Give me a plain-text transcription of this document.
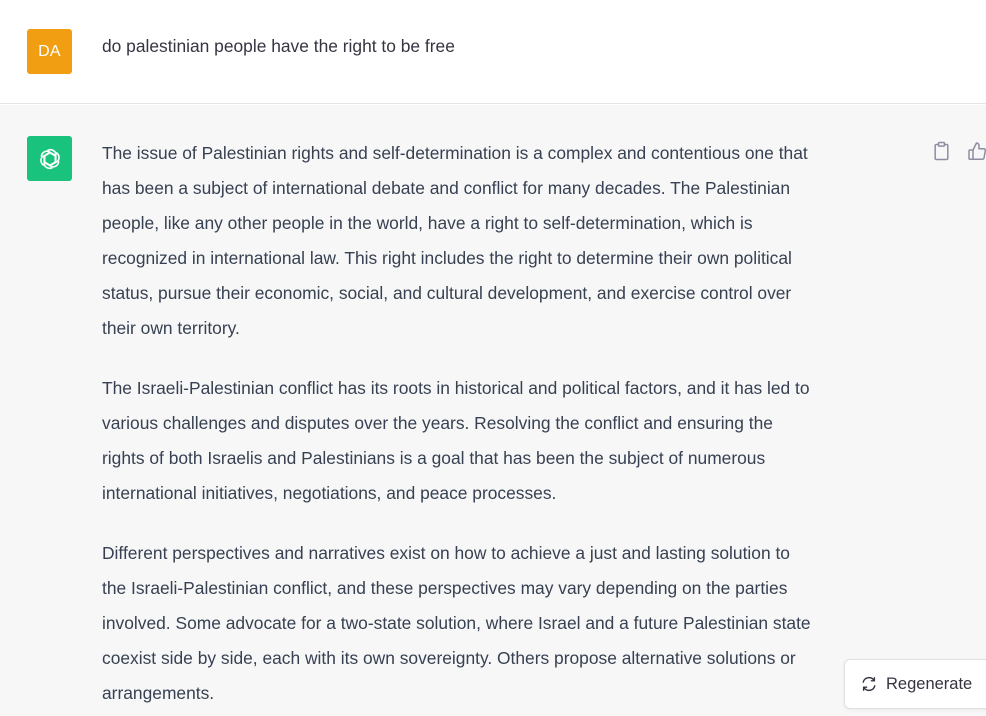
DA	do palestinian people have the right to be free

The issue of Palestinian rights and self-determination is a complex and contentious one that
has been a subject of international debate and conflict for many decades. The Palestinian
people, like any other people in the world, have a right to self-determination, which is
recognized in international law. This right includes the right to determine their own political
status, pursue their economic, social, and cultural development, and exercise control over
their own territory.

The Israeli-Palestinian conflict has its roots in historical and political factors, and it has led to
various challenges and disputes over the years. Resolving the conflict and ensuring the
rights of both Israelis and Palestinians is a goal that has been the subject of numerous
international initiatives, negotiations, and peace processes.

Different perspectives and narratives exist on how to achieve a just and lasting solution to
the Israeli-Palestinian conflict, and these perspectives may vary depending on the parties
involved. Some advocate for a two-state solution, where Israel and a future Palestinian state
coexist side by side, each with its own sovereignty. Others propose alternative solutions or
arrangements.	Regenerate
